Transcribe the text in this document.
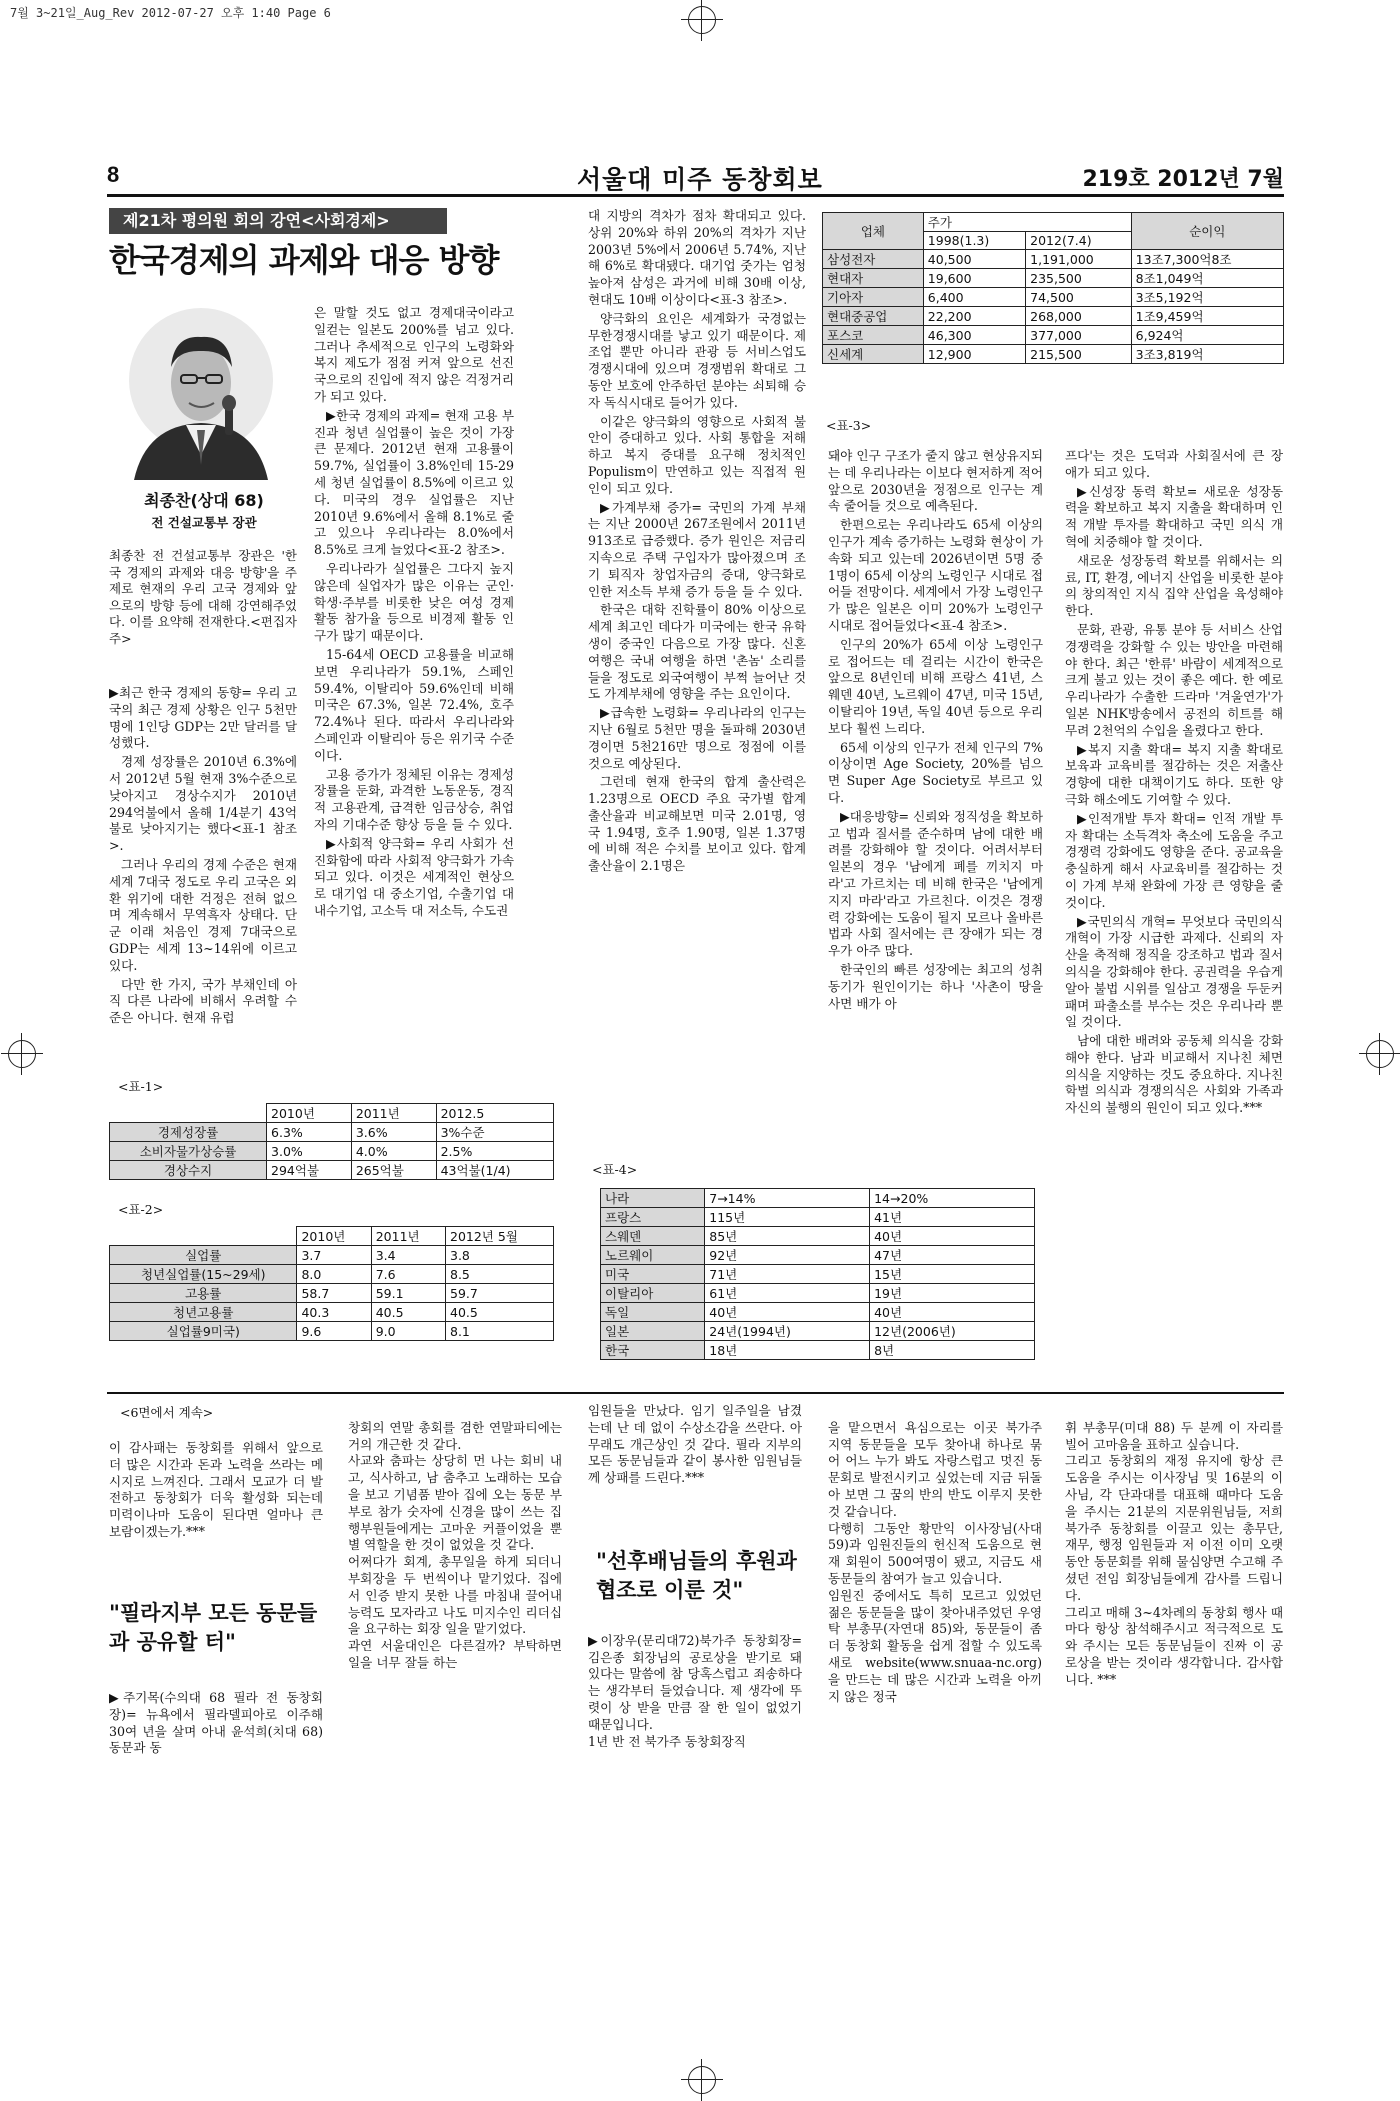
7월 3~21일_Aug_Rev 2012-07-27 오후 1:40 Page 6
8	서울대 미주 동창회보	219호 2012년 7월
제21차 평의원 회의 강연<사회경제>
한국경제의 과제와 대응 방향
최종찬(상대 68)
전 건설교통부 장관
최종찬 전 건설교통부 장관은 '한국 경제의 과제와 대응 방향'을 주제로 현재의 우리 고국 경제와 앞으로의 방향 등에 대해 강연해주었다. 이를 요약해 전재한다.<편집자 주>

▶최근 한국 경제의 동향= 우리 고국의 최근 경제 상황은 인구 5천만 명에 1인당 GDP는 2만 달러를 달성했다.

경제 성장률은 2010년 6.3%에서 2012년 5월 현재 3%수준으로 낮아지고 경상수지가 2010년 294억불에서 올해 1/4분기 43억불로 낮아지기는 했다<표-1 참조>.

그러나 우리의 경제 수준은 현재 세계 7대국 정도로 우리 고국은 외환 위기에 대한 걱정은 전혀 없으며 계속해서 무역흑자 상태다. 단군 이래 처음인 경제 7대국으로 GDP는 세계 13~14위에 이르고 있다.

다만 한 가지, 국가 부채인데 아직 다른 나라에 비해서 우려할 수준은 아니다. 현재 유럽

은 말할 것도 없고 경제대국이라고 일컫는 일본도 200%를 넘고 있다. 그러나 추세적으로 인구의 노령화와 복지 제도가 점점 커져 앞으로 선진국으로의 진입에 적지 않은 걱정거리가 되고 있다.

▶한국 경제의 과제= 현재 고용 부진과 청년 실업률이 높은 것이 가장 큰 문제다. 2012년 현재 고용률이 59.7%, 실업률이 3.8%인데 15-29세 청년 실업률이 8.5%에 이르고 있다. 미국의 경우 실업률은 지난 2010년 9.6%에서 올해 8.1%로 줄고 있으나 우리나라는 8.0%에서 8.5%로 크게 늘었다<표-2 참조>.

우리나라가 실업률은 그다지 높지 않은데 실업자가 많은 이유는 군인·학생·주부를 비롯한 낮은 여성 경제활동 참가율 등으로 비경제 활동 인구가 많기 때문이다.

15-64세 OECD 고용률을 비교해보면 우리나라가 59.1%, 스페인 59.4%, 이탈리아 59.6%인데 비해 미국은 67.3%, 일본 72.4%, 호주 72.4%나 된다. 따라서 우리나라와 스페인과 이탈리아 등은 위기국 수준이다.

고용 증가가 정체된 이유는 경제성장률을 둔화, 과격한 노동운동, 경직적 고용관계, 급격한 임금상승, 취업자의 기대수준 향상 등을 들 수 있다.

▶사회적 양극화= 우리 사회가 선진화함에 따라 사회적 양극화가 가속되고 있다. 이것은 세계적인 현상으로 대기업 대 중소기업, 수출기업 대 내수기업, 고소득 대 저소득, 수도권

대 지방의 격차가 점차 확대되고 있다. 상위 20%와 하위 20%의 격차가 지난 2003년 5%에서 2006년 5.74%, 지난 해 6%로 확대됐다. 대기업 줏가는 엄청 높아져 삼성은 과거에 비해 30배 이상, 현대도 10배 이상이다<표-3 참조>.

양극화의 요인은 세계화가 국경없는 무한경쟁시대를 낳고 있기 때문이다. 제조업 뿐만 아니라 관광 등 서비스업도 경쟁시대에 있으며 경쟁범위 확대로 그동안 보호에 안주하던 분야는 쇠퇴해 승자 독식시대로 들어가 있다.

이같은 양극화의 영향으로 사회적 불안이 증대하고 있다. 사회 통합을 저해하고 복지 증대를 요구해 정치적인 Populism이 만연하고 있는 직접적 원인이 되고 있다.

▶가계부채 증가= 국민의 가계 부채는 지난 2000년 267조원에서 2011년 913조로 급증했다. 증가 원인은 저금리 지속으로 주택 구입자가 많아졌으며 조기 퇴직자 창업자금의 증대, 양극화로 인한 저소득 부채 증가 등을 들 수 있다.

한국은 대학 진학률이 80% 이상으로 세계 최고인 데다가 미국에는 한국 유학생이 중국인 다음으로 가장 많다. 신혼 여행은 국내 여행을 하면 '촌놈' 소리를 들을 정도로 외국여행이 부쩍 늘어난 것도 가계부채에 영향을 주는 요인이다.

▶급속한 노령화= 우리나라의 인구는 지난 6월로 5천만 명을 돌파해 2030년 경이면 5천216만 명으로 정점에 이를 것으로 예상된다.

그런데 현재 한국의 합계 출산력은 1.23명으로 OECD 주요 국가별 합계 출산율과 비교해보면 미국 2.01명, 영국 1.94명, 호주 1.90명, 일본 1.37명에 비해 적은 수치를 보이고 있다. 합계 출산율이 2.1명은

돼야 인구 구조가 줄지 않고 현상유지되는 데 우리나라는 이보다 현저하게 적어 앞으로 2030년을 정점으로 인구는 계속 줄어들 것으로 예측된다.

한편으로는 우리나라도 65세 이상의 인구가 계속 증가하는 노령화 현상이 가속화 되고 있는데 2026년이면 5명 중 1명이 65세 이상의 노령인구 시대로 접어들 전망이다. 세계에서 가장 노령인구가 많은 일본은 이미 20%가 노령인구 시대로 접어들었다<표-4 참조>.

인구의 20%가 65세 이상 노령인구로 접어드는 데 걸리는 시간이 한국은 앞으로 8년인데 비해 프랑스 41년, 스웨덴 40년, 노르웨이 47년, 미국 15년, 이탈리아 19년, 독일 40년 등으로 우리보다 훨씬 느리다.

65세 이상의 인구가 전체 인구의 7% 이상이면 Age Society, 20%를 넘으면 Super Age Society로 부르고 있다.

▶대응방향= 신뢰와 정직성을 확보하고 법과 질서를 준수하며 남에 대한 배려를 강화해야 할 것이다. 어려서부터 일본의 경우 '남에게 폐를 끼치지 마라'고 가르치는 데 비해 한국은 '남에게 지지 마라'라고 가르친다. 이것은 경쟁력 강화에는 도움이 될지 모르나 올바른 법과 사회 질서에는 큰 장애가 되는 경우가 아주 많다.

한국인의 빠른 성장에는 최고의 성취 동기가 원인이기는 하나 '사촌이 땅을 사면 배가 아

프다'는 것은 도덕과 사회질서에 큰 장애가 되고 있다.

▶신성장 동력 확보= 새로운 성장동력을 확보하고 복지 지출을 확대하며 인적 개발 투자를 확대하고 국민 의식 개혁에 치중해야 할 것이다.

새로운 성장동력 확보를 위해서는 의료, IT, 환경, 에너지 산업을 비롯한 분야의 창의적인 지식 집약 산업을 육성해야 한다.

문화, 관광, 유통 분야 등 서비스 산업 경쟁력을 강화할 수 있는 방안을 마련해야 한다. 최근 '한류' 바람이 세계적으로 크게 불고 있는 것이 좋은 예다. 한 예로 우리나라가 수출한 드라마 '겨울연가'가 일본 NHK방송에서 공전의 히트를 해 무려 2천억의 수입을 올렸다고 한다.

▶복지 지출 확대= 복지 지출 확대로 보육과 교육비를 절감하는 것은 저출산 경향에 대한 대책이기도 하다. 또한 양극화 해소에도 기여할 수 있다.

▶인적개발 투자 확대= 인적 개발 투자 확대는 소득격차 축소에 도움을 주고 경쟁력 강화에도 영향을 준다. 공교육을 충실하게 해서 사교육비를 절감하는 것이 가계 부채 완화에 가장 큰 영향을 줄 것이다.

▶국민의식 개혁= 무엇보다 국민의식 개혁이 가장 시급한 과제다. 신뢰의 자산을 축적해 정직을 강조하고 법과 질서 의식을 강화해야 한다. 공권력을 우습게 알아 불법 시위를 일삼고 경쟁을 두둔커 패며 파출소를 부수는 것은 우리나라 뿐일 것이다.

남에 대한 배려와 공동체 의식을 강화해야 한다. 남과 비교해서 지나친 체면의식을 지양하는 것도 중요하다. 지나친 학벌 의식과 경쟁의식은 사회와 가족과 자신의 불행의 원인이 되고 있다.***

<표-1>
	2010년	2011년	2012.5
경제성장률	6.3%	3.6%	3%수준
소비자물가상승률	3.0%	4.0%	2.5%
경상수지	294억불	265억불	43억불(1/4)
<표-2>
	2010년	2011년	2012년 5월
실업률	3.7	3.4	3.8
청년실업률(15~29세)	8.0	7.6	8.5
고용률	58.7	59.1	59.7
청년고용률	40.3	40.5	40.5
실업률9미국)	9.6	9.0	8.1
업체	주가		순이익
	1998(1.3)	2012(7.4)	
삼성전자	40,500	1,191,000	13조7,300억8조
현대자	19,600	235,500	8조1,049억
기아자	6,400	74,500	3조5,192억
현대중공업	22,200	268,000	1조9,459억
포스코	46,300	377,000	6,924억
신세계	12,900	215,500	3조3,819억
<표-3>
<표-4>
나라	7→14%	14→20%
프랑스	115년	41년
스웨덴	85년	40년
노르웨이	92년	47년
미국	71년	15년
이탈리아	61년	19년
독일	40년	40년
일본	24년(1994년)	12년(2006년)
한국	18년	8년
<6면에서 계속>

이 감사패는 동창회를 위해서 앞으로 더 많은 시간과 돈과 노력을 쓰라는 메시지로 느껴진다. 그래서 모교가 더 발전하고 동창회가 더욱 활성화 되는데 미력이나마 도움이 된다면 얼마나 큰 보람이겠는가.***

"필라지부 모든 동문들과 공유할 터"

▶주기목(수의대 68 필라 전 동창회장)= 뉴욕에서 필라델피아로 이주해 30여 년을 살며 아내 윤석희(치대 68) 동문과 동

창회의 연말 총회를 겸한 연말파티에는 거의 개근한 것 같다.
사교와 춤파는 상당히 먼 나는 회비 내고, 식사하고, 남 춤추고 노래하는 모습을 보고 기념품 받아 집에 오는 동문 부부로 참가 숫자에 신경을 많이 쓰는 집행부원들에게는 고마운 커플이었을 뿐 별 역할을 한 것이 없었을 것 같다.
어쩌다가 회계, 총무일을 하게 되더니 부회장을 두 번씩이나 맡기었다. 집에서 인증 받지 못한 나를 마침내 끌어내 능력도 모자라고 나도 미지수인 리더십을 요구하는 회장 일을 맡기었다.
과연 서울대인은 다른걸까? 부탁하면 일을 너무 잘들 하는

임원들을 만났다. 임기 일주일을 남겼는데 난 데 없이 수상소감을 쓰란다. 아무래도 개근상인 것 같다. 필라 지부의 모든 동문님들과 같이 봉사한 임원님들께 상패를 드린다.***

"선후배님들의 후원과 협조로 이룬 것"

▶이장우(문리대72)북가주 동창회장= 김은종 회장님의 공로상을 받기로 돼 있다는 말씀에 참 당혹스럽고 죄송하다는 생각부터 들었습니다. 제 생각에 뚜렷이 상 받을 만큼 잘 한 일이 없었기 때문입니다.
1년 반 전 북가주 동창회장직

을 맡으면서 욕심으로는 이곳 북가주 지역 동문들을 모두 찾아내 하나로 묶어 어느 누가 봐도 자랑스럽고 멋진 동문회로 발전시키고 싶었는데 지금 뒤돌아 보면 그 꿈의 반의 반도 이루지 못한 것 같습니다.
다행히 그동안 황만익 이사장님(사대 59)과 임원진들의 헌신적 도움으로 현재 회원이 500여명이 됐고, 지금도 새 동문들의 참여가 늘고 있습니다.
임원진 중에서도 특히 모르고 있었던 젊은 동문들을 많이 찾아내주었던 우영탁 부총무(자연대 85)와, 동문들이 좀 더 동창회 활동을 쉽게 접할 수 있도록 새로 website(www.snuaa-nc.org)을 만드는 데 많은 시간과 노력을 아끼지 않은 정국

휘 부총무(미대 88) 두 분께 이 자리를 빌어 고마움을 표하고 싶습니다.
그리고 동창회의 재정 유지에 항상 큰 도움을 주시는 이사장님 및 16분의 이사님, 각 단과대를 대표해 때마다 도움을 주시는 21분의 지문위원님들, 저희 북가주 동창회를 이끌고 있는 총무단, 재무, 행정 임원들과 저 이전 이미 오랫동안 동문회를 위해 물심양면 수고해 주셨던 전임 회장님들에게 감사를 드립니다.
그리고 매해 3~4차례의 동창회 행사 때마다 항상 참석해주시고 적극적으로 도와 주시는 모든 동문님들이 진짜 이 공로상을 받는 것이라 생각합니다. 감사합니다. ***
